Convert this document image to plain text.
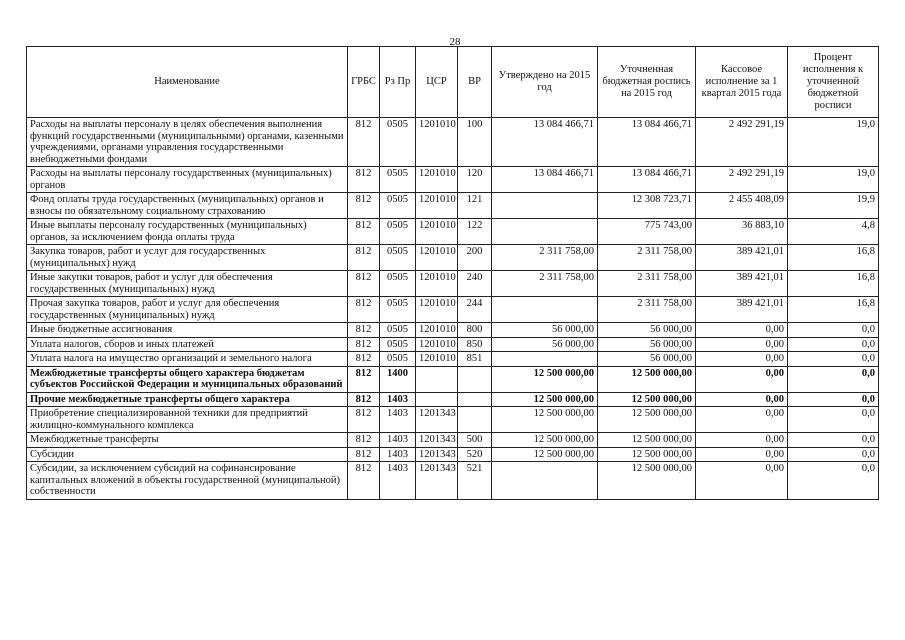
28
Наименование	ГРБС	Рз Пр	ЦСР	ВР	Утверждено на 2015 год	Уточненная бюджетная роспись на 2015 год	Кассовое исполнение за 1 квартал 2015 года	Процент исполнения к уточненной бюджетной росписи
Расходы на выплаты персоналу в целях обеспечения выполнения функций государственными (муниципальными) органами, казенными учреждениями, органами управления государственными внебюджетными фондами	812	0505	1201010	100	13 084 466,71	13 084 466,71	2 492 291,19	19,0
Расходы на выплаты персоналу государственных (муниципальных) органов	812	0505	1201010	120	13 084 466,71	13 084 466,71	2 492 291,19	19,0
Фонд оплаты труда государственных (муниципальных) органов и взносы по обязательному социальному страхованию	812	0505	1201010	121		12 308 723,71	2 455 408,09	19,9
Иные выплаты персоналу государственных (муниципальных) органов, за исключением фонда оплаты труда	812	0505	1201010	122		775 743,00	36 883,10	4,8
Закупка товаров, работ и услуг для государственных (муниципальных) нужд	812	0505	1201010	200	2 311 758,00	2 311 758,00	389 421,01	16,8
Иные закупки товаров, работ и услуг для обеспечения государственных (муниципальных) нужд	812	0505	1201010	240	2 311 758,00	2 311 758,00	389 421,01	16,8
Прочая закупка товаров, работ и услуг для обеспечения государственных (муниципальных) нужд	812	0505	1201010	244		2 311 758,00	389 421,01	16,8
Иные бюджетные ассигнования	812	0505	1201010	800	56 000,00	56 000,00	0,00	0,0
Уплата налогов, сборов и иных платежей	812	0505	1201010	850	56 000,00	56 000,00	0,00	0,0
Уплата налога на имущество организаций и земельного налога	812	0505	1201010	851		56 000,00	0,00	0,0
Межбюджетные трансферты общего характера бюджетам субъектов Российской Федерации и муниципальных образований	812	1400			12 500 000,00	12 500 000,00	0,00	0,0
Прочие межбюджетные трансферты общего характера	812	1403			12 500 000,00	12 500 000,00	0,00	0,0
Приобретение специализированной техники для предприятий жилищно-коммунального комплекса	812	1403	1201343		12 500 000,00	12 500 000,00	0,00	0,0
Межбюджетные трансферты	812	1403	1201343	500	12 500 000,00	12 500 000,00	0,00	0,0
Субсидии	812	1403	1201343	520	12 500 000,00	12 500 000,00	0,00	0,0
Субсидии, за исключением субсидий на софинансирование капитальных вложений в объекты государственной (муниципальной) собственности	812	1403	1201343	521		12 500 000,00	0,00	0,0
